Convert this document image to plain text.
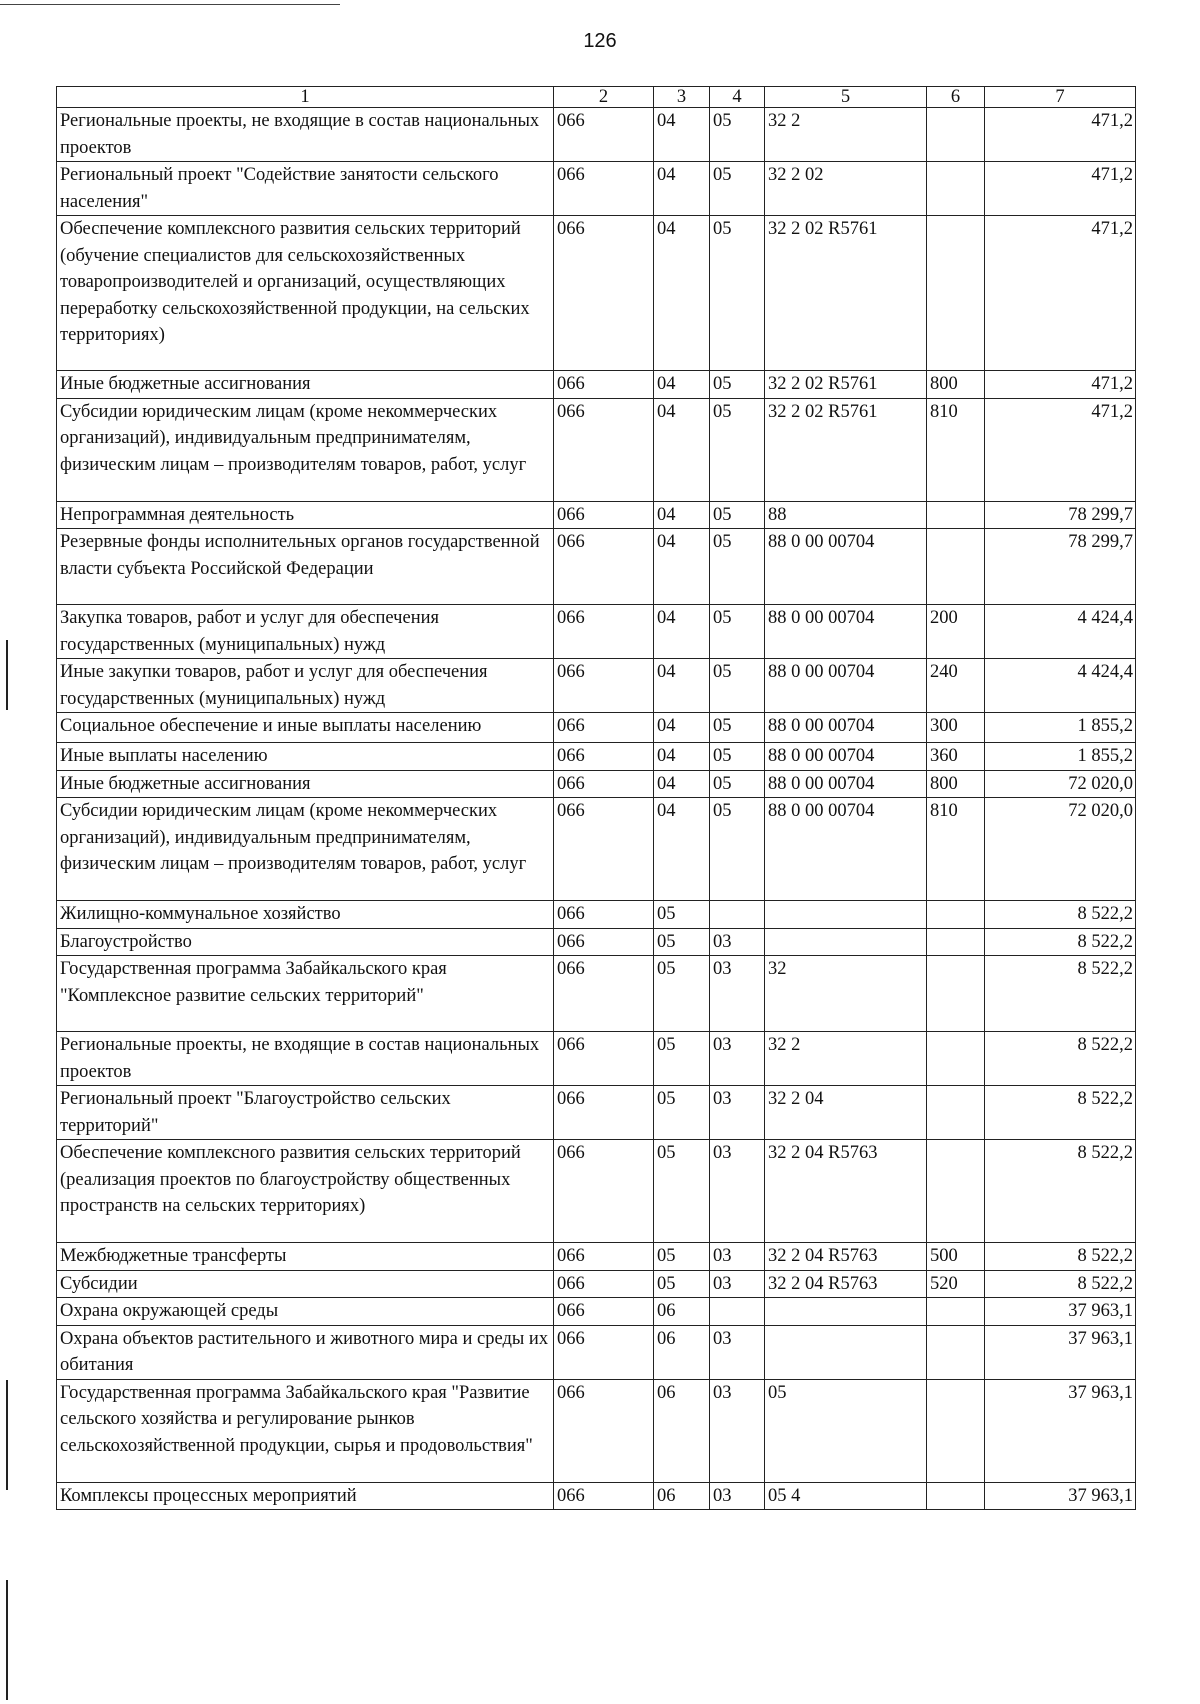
126
1	2	3	4	5	6	7
Региональные проекты, не входящие в состав национальных проектов	066	04	05	32 2		471,2
Региональный проект "Содействие занятости сельского населения"	066	04	05	32 2 02		471,2
Обеспечение комплексного развития сельских территорий (обучение специалистов для сельскохозяйственных товаропроизводителей и организаций, осуществляющих переработку сельскохозяйственной продукции, на сельских территориях)	066	04	05	32 2 02 R5761		471,2
Иные бюджетные ассигнования	066	04	05	32 2 02 R5761	800	471,2
Субсидии юридическим лицам (кроме некоммерческих организаций), индивидуальным предпринимателям, физическим лицам – производителям товаров, работ, услуг	066	04	05	32 2 02 R5761	810	471,2
Непрограммная деятельность	066	04	05	88		78 299,7
Резервные фонды исполнительных органов государственной власти субъекта Российской Федерации	066	04	05	88 0 00 00704		78 299,7
Закупка товаров, работ и услуг для обеспечения государственных (муниципальных) нужд	066	04	05	88 0 00 00704	200	4 424,4
Иные закупки товаров, работ и услуг для обеспечения государственных (муниципальных) нужд	066	04	05	88 0 00 00704	240	4 424,4
Социальное обеспечение и иные выплаты населению	066	04	05	88 0 00 00704	300	1 855,2
Иные выплаты населению	066	04	05	88 0 00 00704	360	1 855,2
Иные бюджетные ассигнования	066	04	05	88 0 00 00704	800	72 020,0
Субсидии юридическим лицам (кроме некоммерческих организаций), индивидуальным предпринимателям, физическим лицам – производителям товаров, работ, услуг	066	04	05	88 0 00 00704	810	72 020,0
Жилищно-коммунальное хозяйство	066	05				8 522,2
Благоустройство	066	05	03			8 522,2
Государственная программа Забайкальского края "Комплексное развитие сельских территорий"	066	05	03	32		8 522,2
Региональные проекты, не входящие в состав национальных проектов	066	05	03	32 2		8 522,2
Региональный проект "Благоустройство сельских территорий"	066	05	03	32 2 04		8 522,2
Обеспечение комплексного развития сельских территорий (реализация проектов по благоустройству общественных пространств на сельских территориях)	066	05	03	32 2 04 R5763		8 522,2
Межбюджетные трансферты	066	05	03	32 2 04 R5763	500	8 522,2
Субсидии	066	05	03	32 2 04 R5763	520	8 522,2
Охрана окружающей среды	066	06				37 963,1
Охрана объектов растительного и животного мира и среды их обитания	066	06	03			37 963,1
Государственная программа Забайкальского края "Развитие сельского хозяйства и регулирование рынков сельскохозяйственной продукции, сырья и продовольствия"	066	06	03	05		37 963,1
Комплексы процессных мероприятий	066	06	03	05 4		37 963,1
